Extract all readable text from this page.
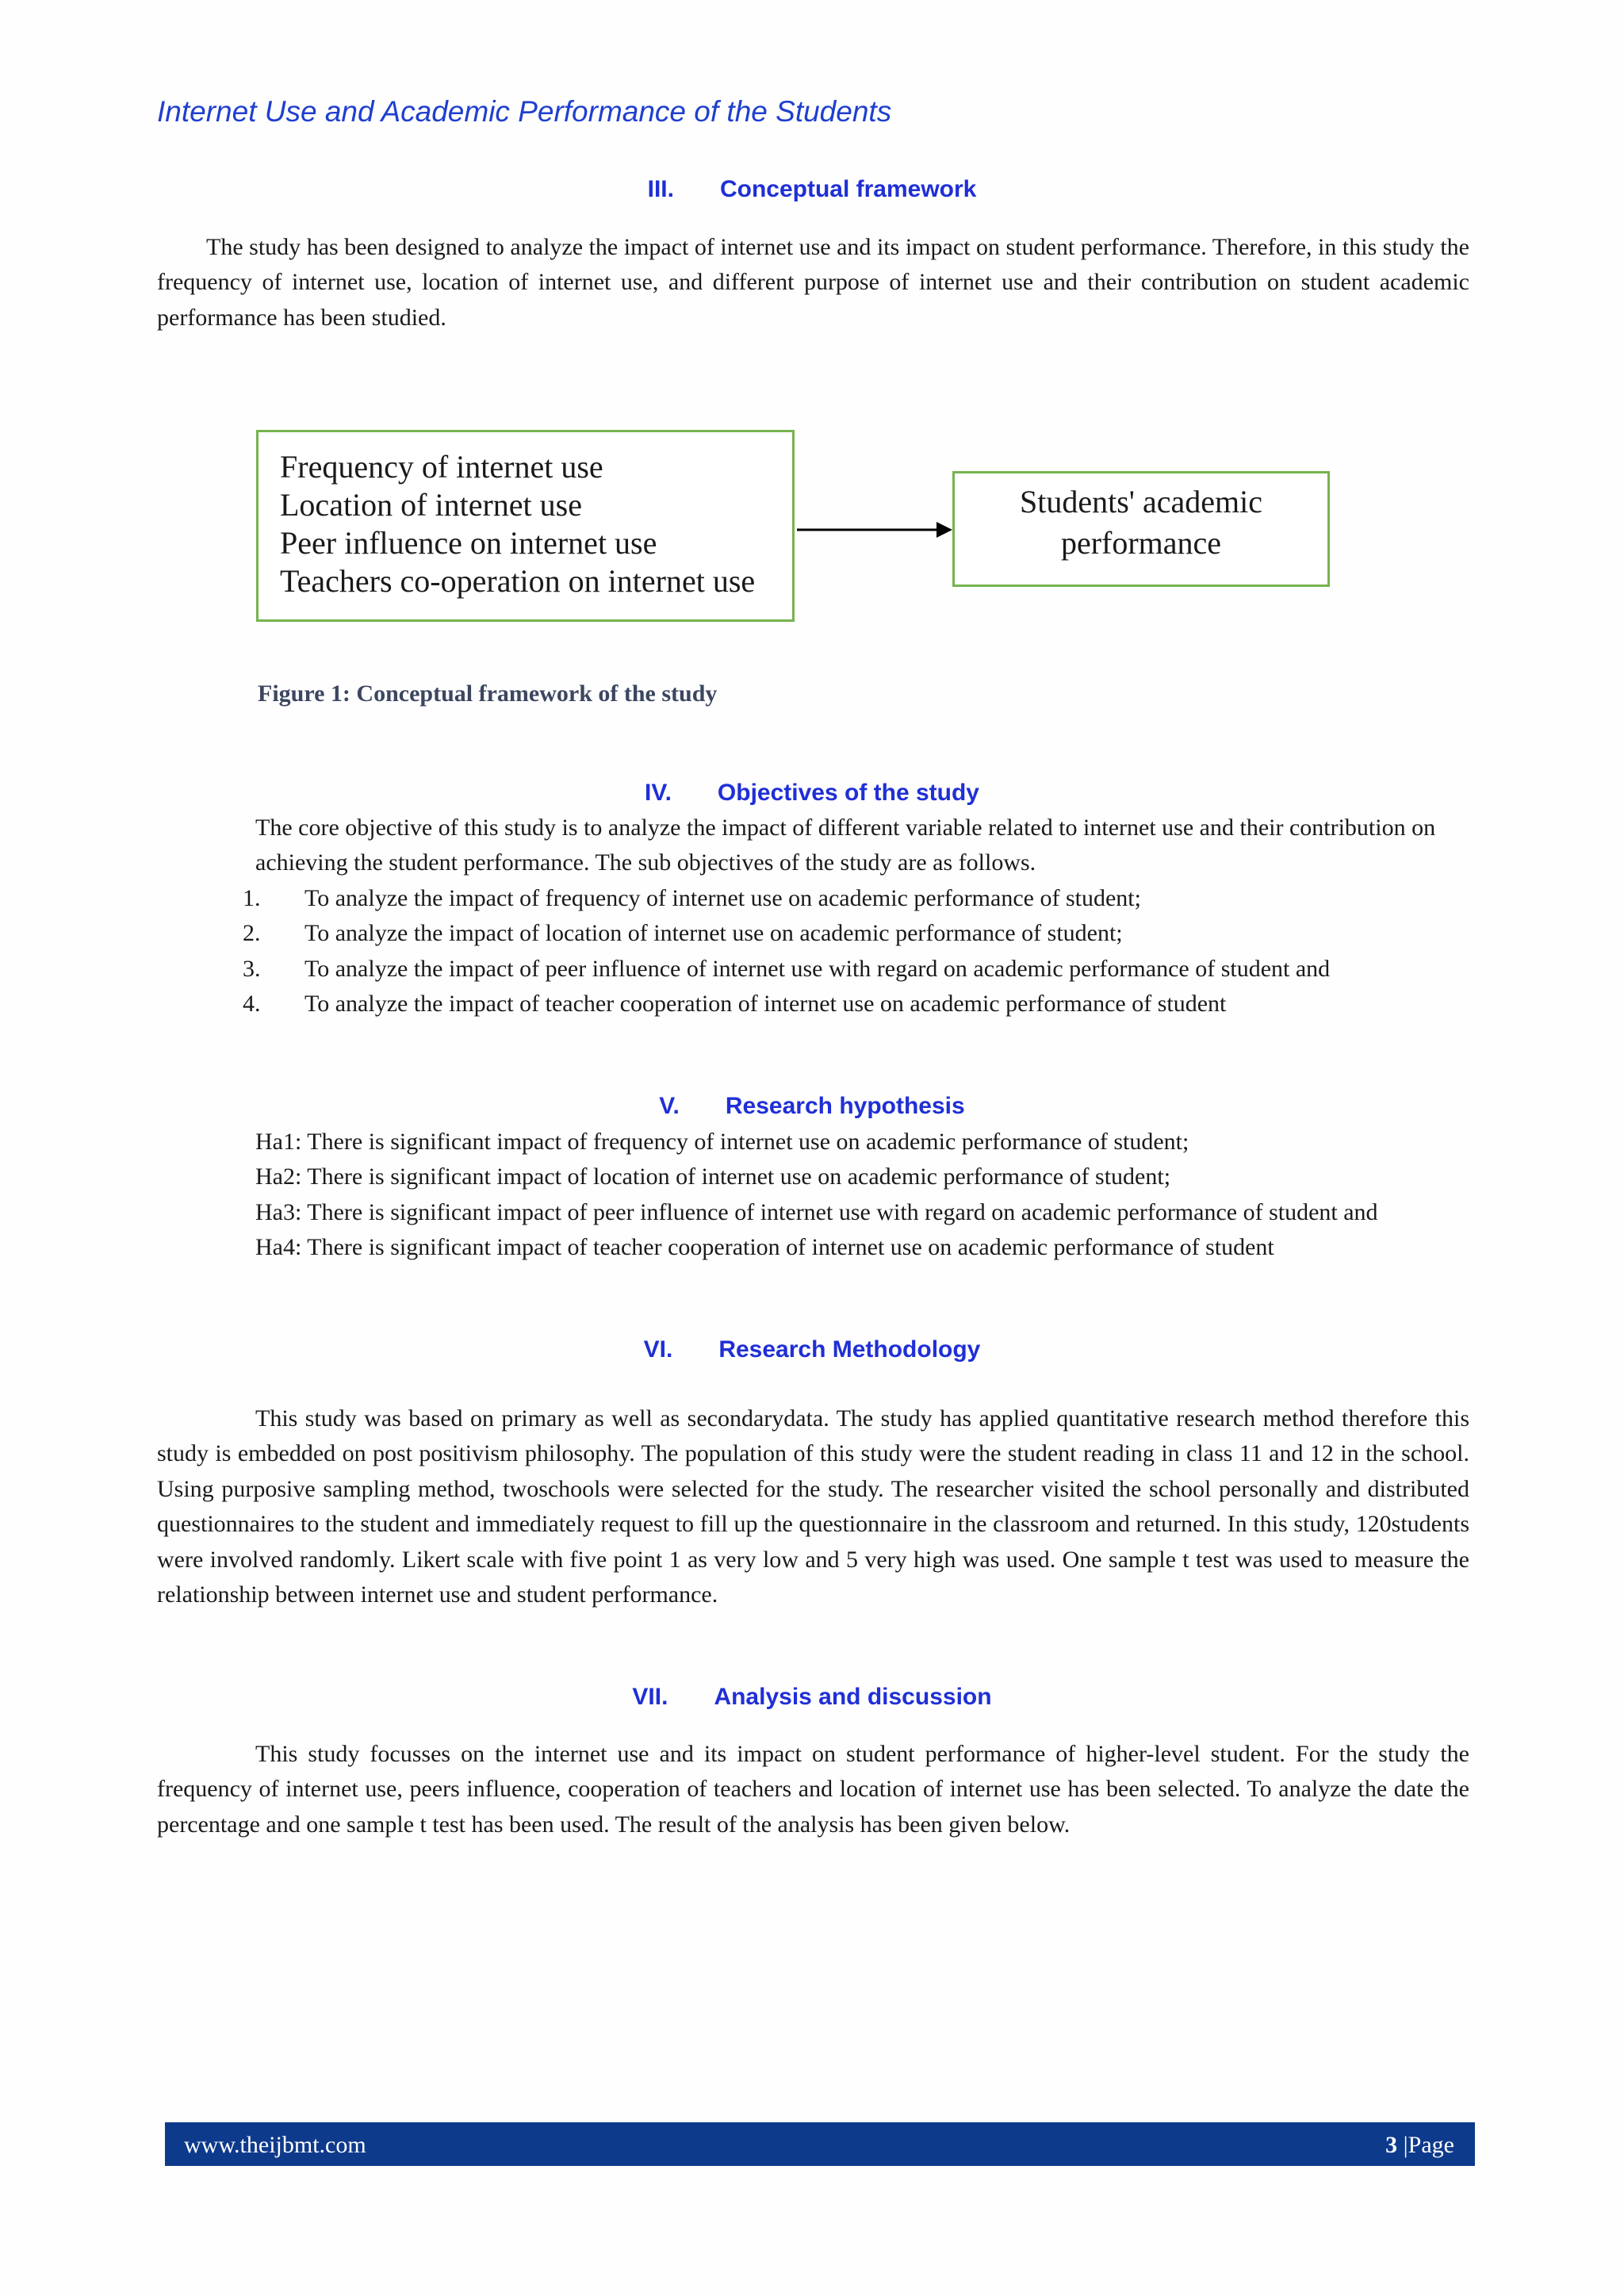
Internet Use and Academic Performance of the Students
III. Conceptual framework
The study has been designed to analyze the impact of internet use and its impact on student performance. Therefore, in this study the frequency of internet use, location of internet use, and different purpose of internet use and their contribution on student academic performance has been studied.
Frequency of internet use
Location of internet use
Peer influence on internet use
Teachers co-operation on internet use
Students' academic
performance
Figure 1: Conceptual framework of the study
IV. Objectives of the study
The core objective of this study is to analyze the impact of different variable related to internet use and their contribution on achieving the student performance. The sub objectives of the study are as follows.
1. To analyze the impact of frequency of internet use on academic performance of student;
2. To analyze the impact of location of internet use on academic performance of student;
3. To analyze the impact of peer influence of internet use with regard on academic performance of student and
4. To analyze the impact of teacher cooperation of internet use on academic performance of student
V. Research hypothesis
Ha1: There is significant impact of frequency of internet use on academic performance of student;
Ha2: There is significant impact of location of internet use on academic performance of student;
Ha3: There is significant impact of peer influence of internet use with regard on academic performance of student and
Ha4: There is significant impact of teacher cooperation of internet use on academic performance of student
VI. Research Methodology
This study was based on primary as well as secondarydata. The study has applied quantitative research method therefore this study is embedded on post positivism philosophy. The population of this study were the student reading in class 11 and 12 in the school. Using purposive sampling method, twoschools were selected for the study. The researcher visited the school personally and distributed questionnaires to the student and immediately request to fill up the questionnaire in the classroom and returned. In this study, 120students were involved randomly. Likert scale with five point 1 as very low and 5 very high was used. One sample t test was used to measure the relationship between internet use and student performance.
VII. Analysis and discussion
This study focusses on the internet use and its impact on student performance of higher-level student. For the study the frequency of internet use, peers influence, cooperation of teachers and location of internet use has been selected. To analyze the date the percentage and one sample t test has been used. The result of the analysis has been given below.
www.theijbmt.com	3 |Page
